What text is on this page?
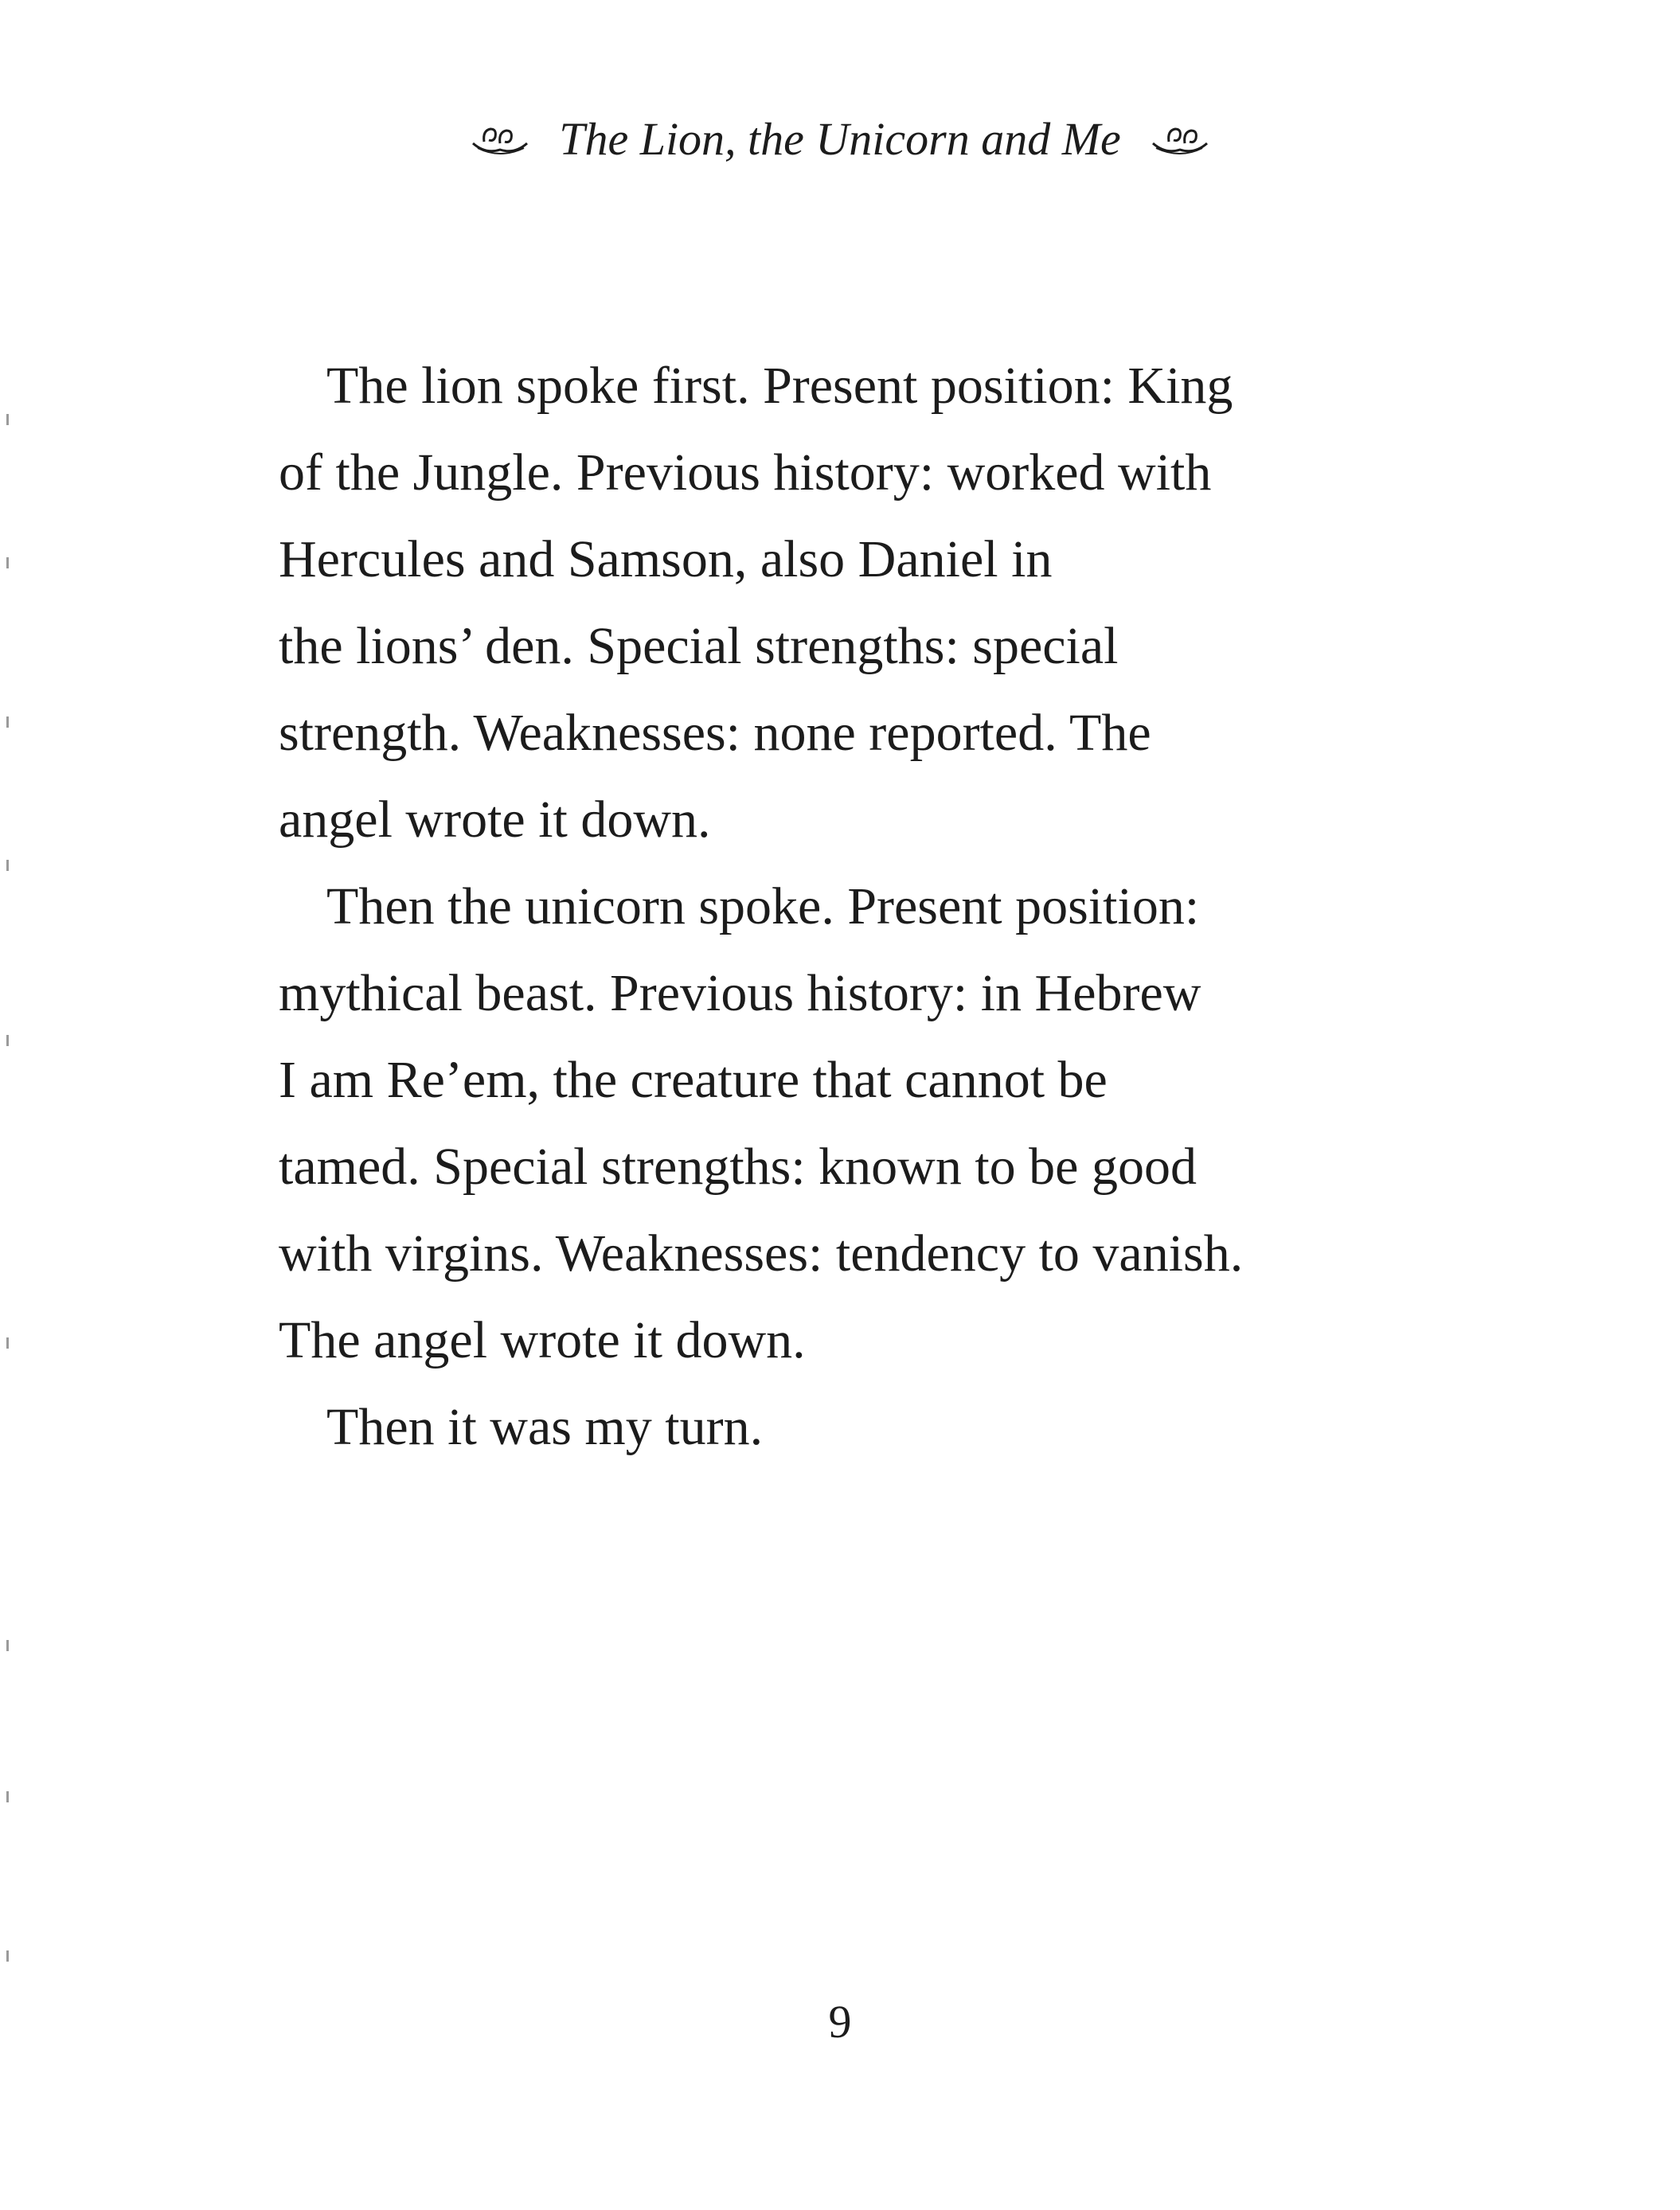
The Lion, the Unicorn and Me
The lion spoke first. Present position: King
of the Jungle. Previous history: worked with
Hercules and Samson, also Daniel in
the lions’ den. Special strengths: special
strength. Weaknesses: none reported. The
angel wrote it down.
Then the unicorn spoke. Present position:
mythical beast. Previous history: in Hebrew
I am Re’em, the creature that cannot be
tamed. Special strengths: known to be good
with virgins. Weaknesses: tendency to vanish.
The angel wrote it down.
Then it was my turn.
9
